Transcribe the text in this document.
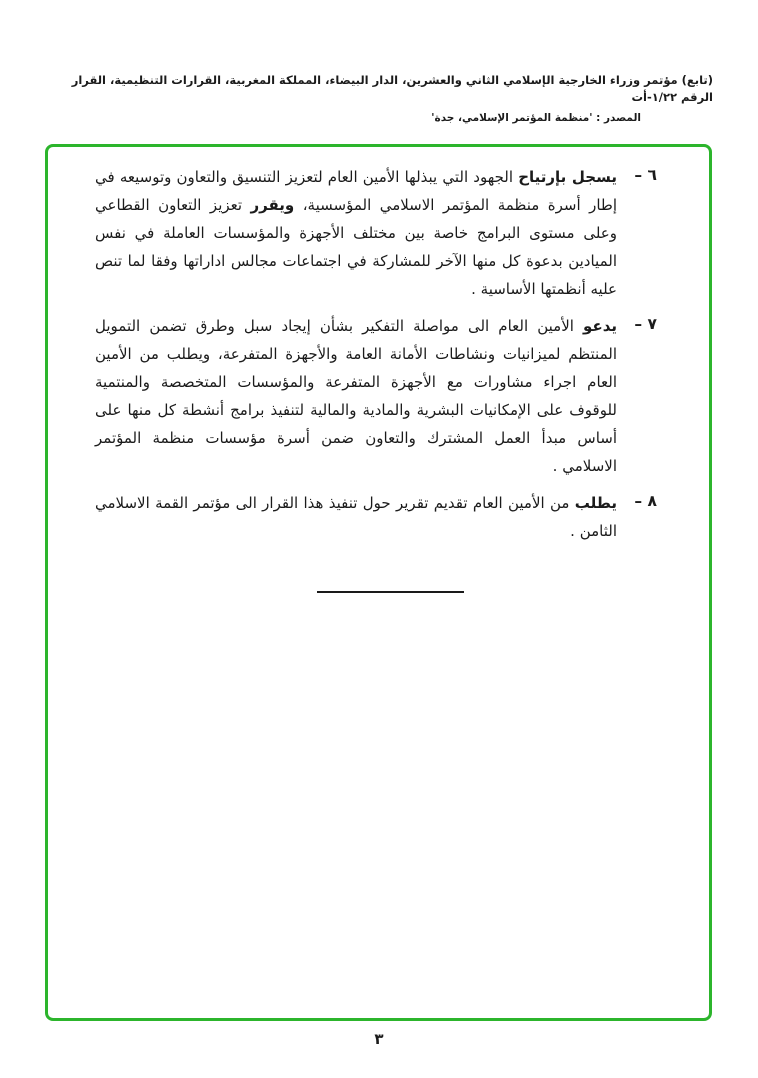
(تابع) مؤتمر وزراء الخارجية الإسلامي الثاني والعشرين، الدار البيضاء، المملكة المغربية، القرارات التنظيمية، القرار الرقم ١/٢٢-أت
المصدر : 'منظمة المؤتمر الإسلامي، جدة'
٦ –
يسجل بإرتياح الجهود التي يبذلها الأمين العام لتعزيز التنسيق والتعاون وتوسيعه في إطار أسرة منظمة المؤتمر الاسلامي المؤسسية، ويقرر تعزيز التعاون القطاعي وعلى مستوى البرامج خاصة بين مختلف الأجهزة والمؤسسات العاملة في نفس الميادين بدعوة كل منها الآخر للمشاركة في اجتماعات مجالس اداراتها وفقا لما تنص عليه أنظمتها الأساسية .
٧ –
يدعو الأمين العام الى مواصلة التفكير بشأن إيجاد سبل وطرق تضمن التمويل المنتظم لميزانيات ونشاطات الأمانة العامة والأجهزة المتفرعة، ويطلب من الأمين العام اجراء مشاورات مع الأجهزة المتفرعة والمؤسسات المتخصصة والمنتمية للوقوف على الإمكانيات البشرية والمادية والمالية لتنفيذ برامج أنشطة كل منها على أساس مبدأ العمل المشترك والتعاون ضمن أسرة مؤسسات منظمة المؤتمر الاسلامي .
٨ –
يطلب من الأمين العام تقديم تقرير حول تنفيذ هذا القرار الى مؤتمر القمة الاسلامي الثامن .
٣
